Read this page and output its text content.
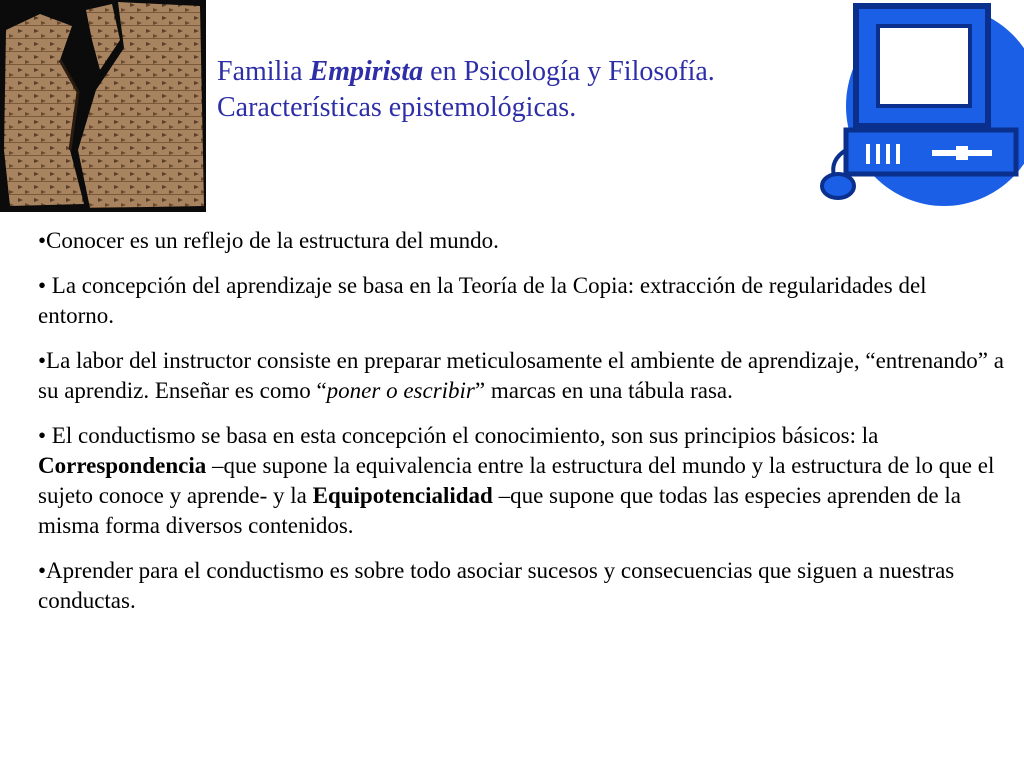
Familia Empirista en Psicología y Filosofía.
Características epistemológicas.

•Conocer es un reflejo de la estructura del mundo.

• La concepción del aprendizaje se basa en la Teoría de la Copia: extracción de regularidades del entorno.

•La labor del instructor consiste en preparar meticulosamente el ambiente de aprendizaje, “entrenando” a su aprendiz. Enseñar es como “poner o escribir” marcas en una tábula rasa.

• El conductismo se basa en esta concepción el conocimiento, son sus principios básicos: la Correspondencia –que supone la equivalencia entre la estructura del mundo y la estructura de lo que el sujeto conoce y aprende- y la Equipotencialidad –que supone que todas las especies aprenden de la misma forma diversos contenidos.

•Aprender para el conductismo es sobre todo asociar sucesos y consecuencias que siguen a nuestras conductas.
